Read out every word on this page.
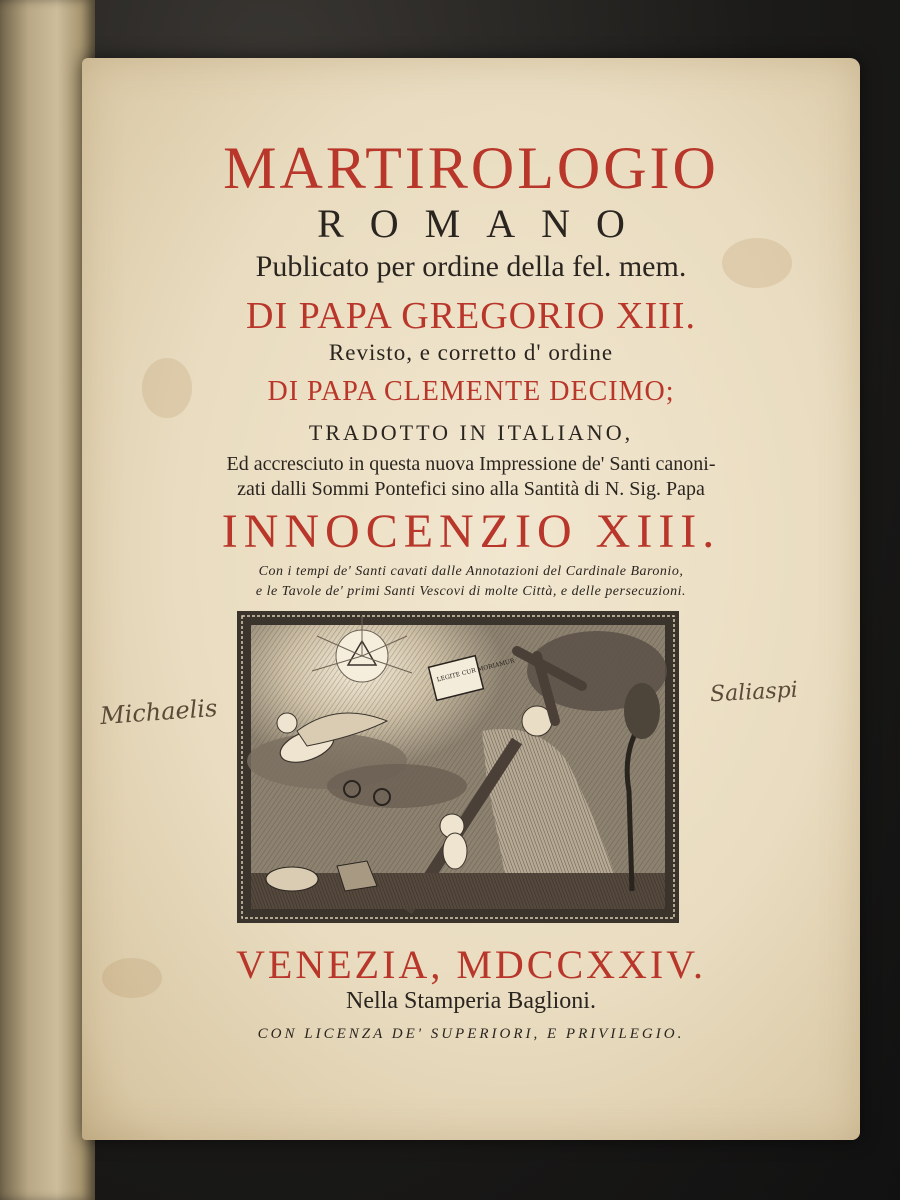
MARTIROLOGIO
ROMANO
Publicato per ordine della fel. mem.
DI PAPA GREGORIO XIII.
Revisto, e corretto d' ordine
DI PAPA CLEMENTE DECIMO;
TRADOTTO IN ITALIANO,
Ed accresciuto in questa nuova Impressione de' Santi canoni-
zati dalli Sommi Pontefici sino alla Santità di N. Sig. Papa
INNOCENZIO XIII.
Con i tempi de' Santi cavati dalle Annotazioni del Cardinale Baronio,
e le Tavole de' primi Santi Vescovi di molte Città, e delle persecuzioni.
LEGITE CUR MORIAMUR
VENEZIA, MDCCXXIV.
Nella Stamperia Baglioni.
CON LICENZA DE' SUPERIORI, E PRIVILEGIO.
Michaelis
Saliaspi
